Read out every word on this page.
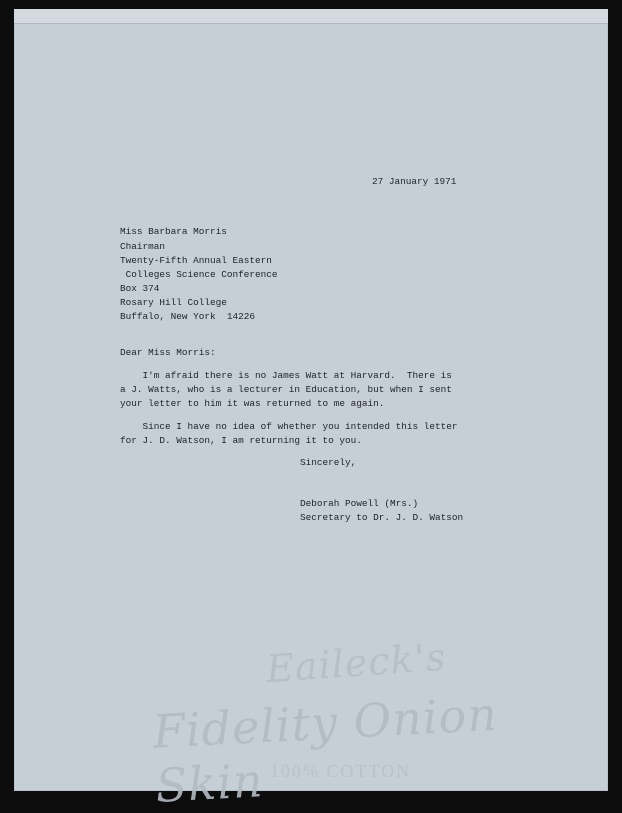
27 January 1971
Miss Barbara Morris
Chairman
Twenty-Fifth Annual Eastern
Colleges Science Conference
Box 374
Rosary Hill College
Buffalo, New York  14226
Dear Miss Morris:
I'm afraid there is no James Watt at Harvard.  There is
a J. Watts, who is a lecturer in Education, but when I sent
your letter to him it was returned to me again.
Since I have no idea of whether you intended this letter
for J. D. Watson, I am returning it to you.
Sincerely,
Deborah Powell (Mrs.)
Secretary to Dr. J. D. Watson
Eaileck's
Fidelity Onion Skin 100% COTTON
